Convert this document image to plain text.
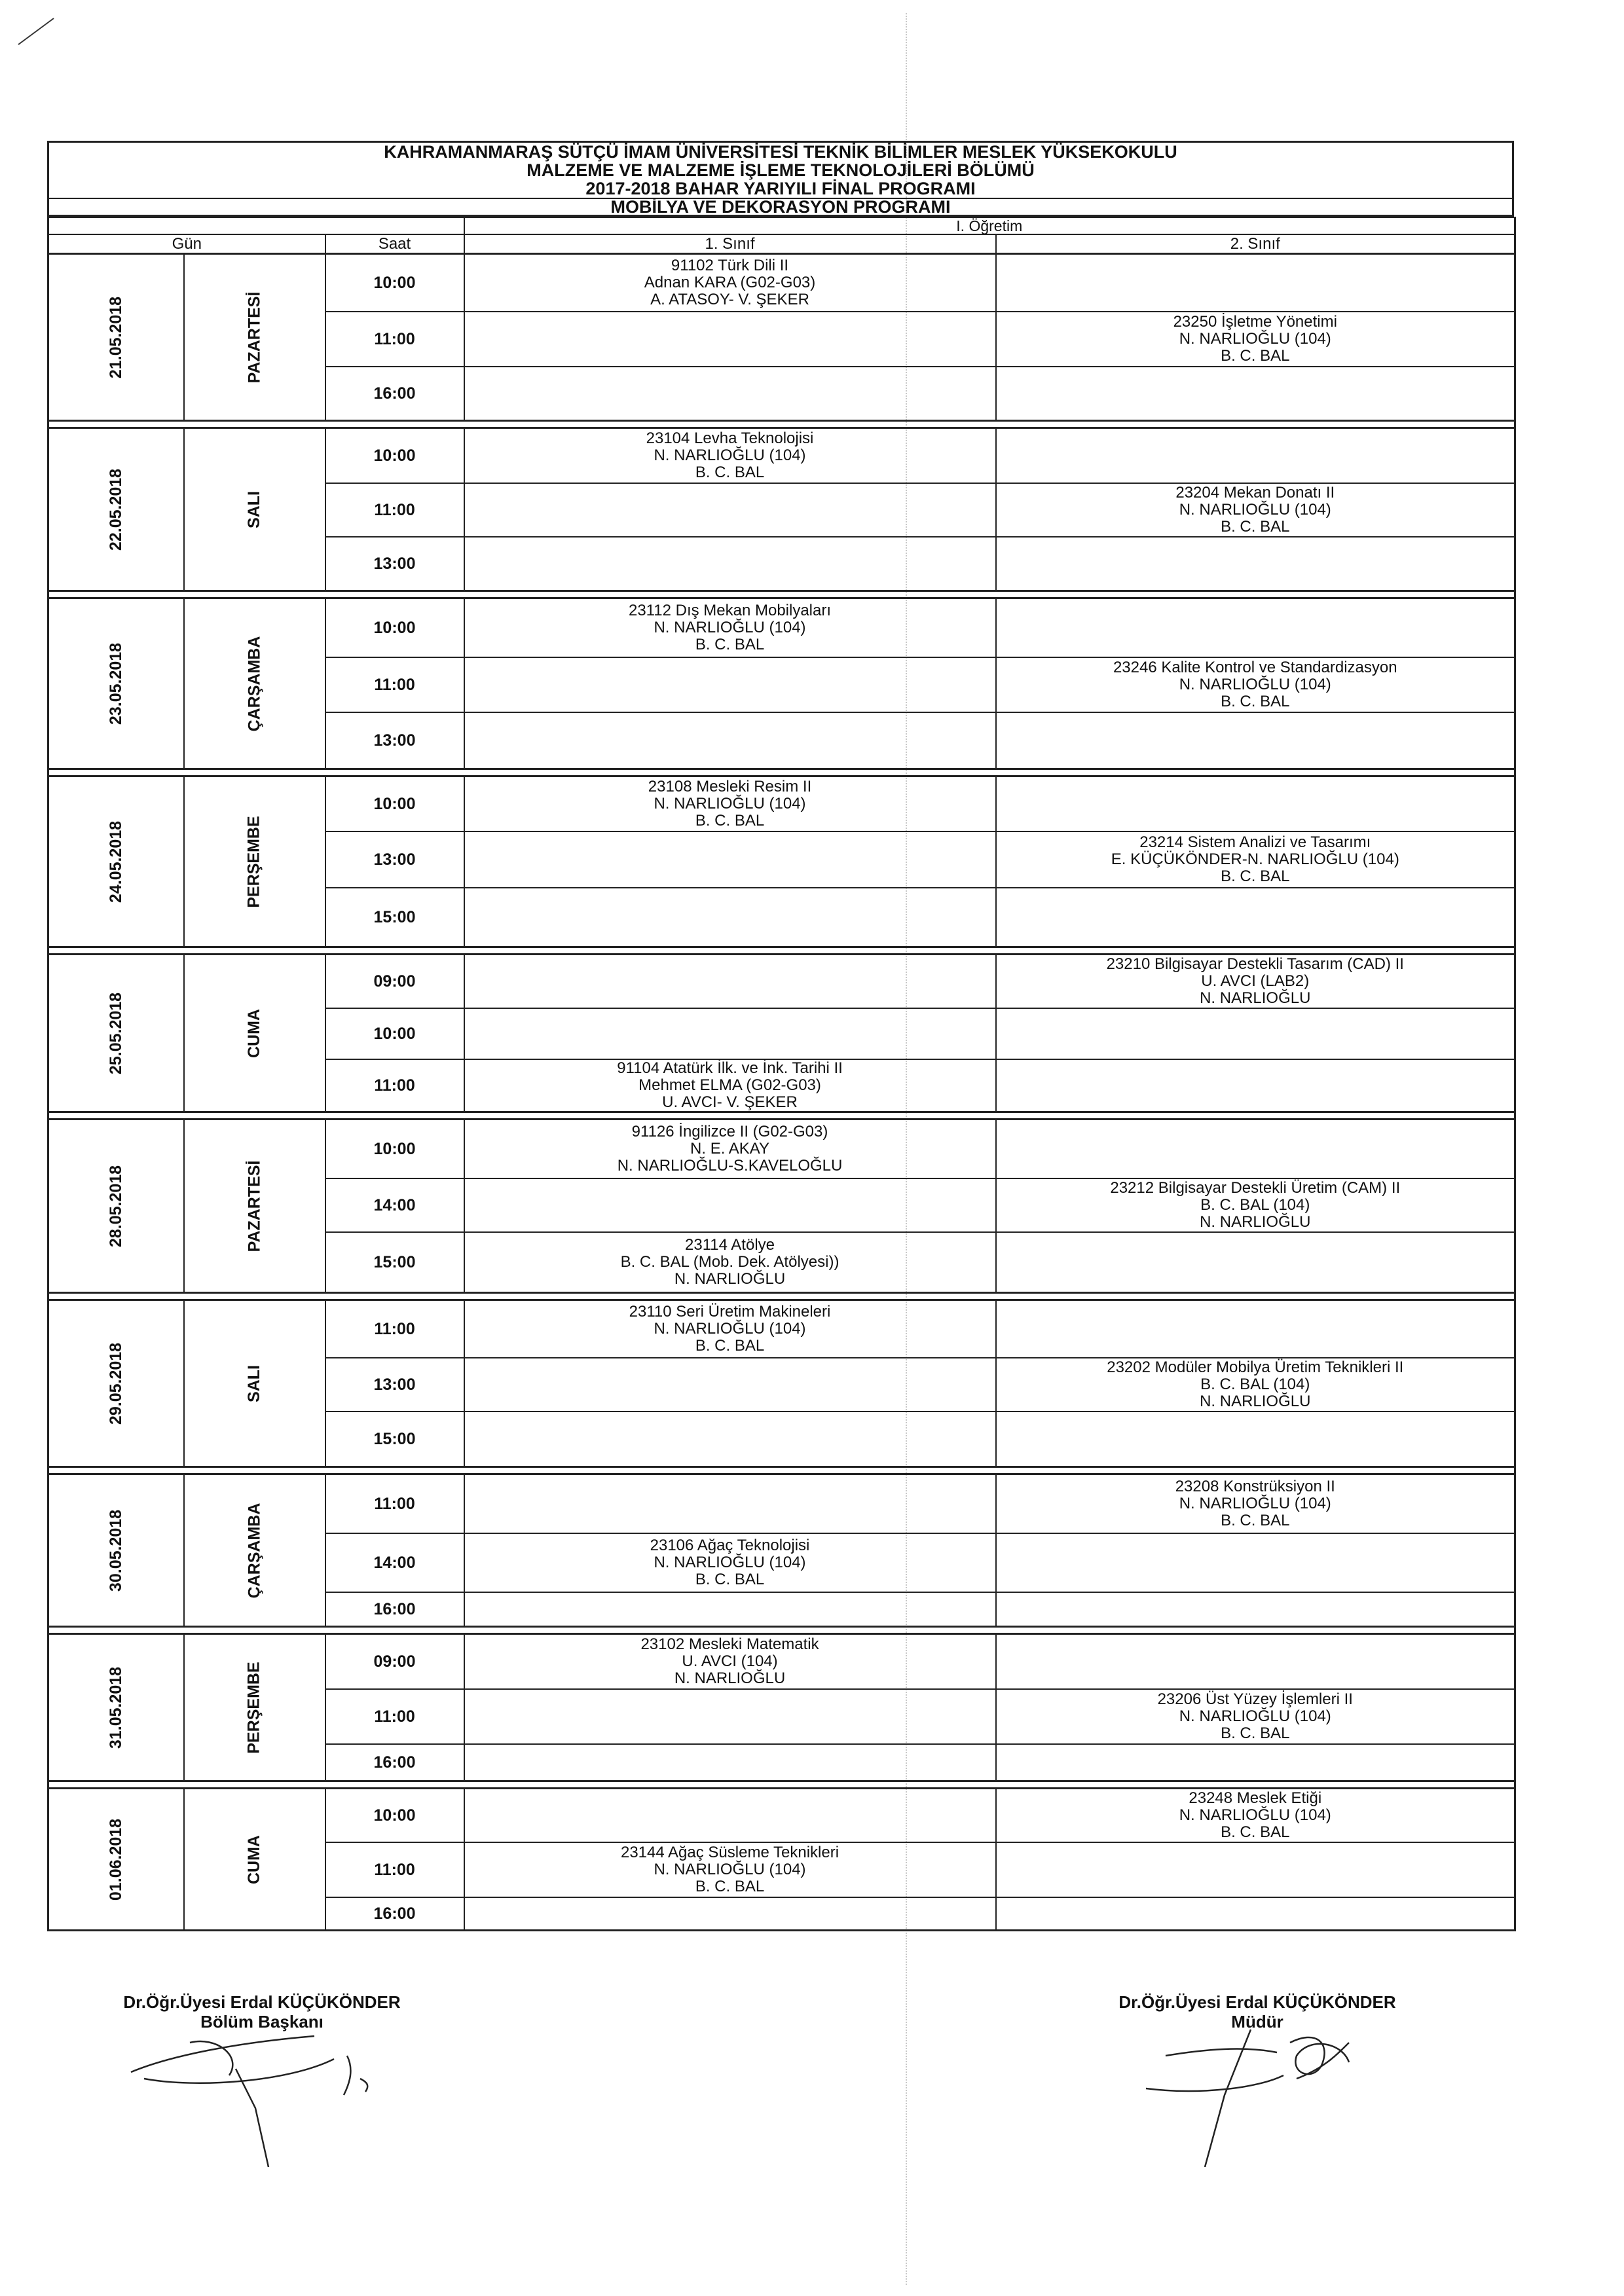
KAHRAMANMARAŞ SÜTÇÜ İMAM ÜNİVERSİTESİ TEKNİK BİLİMLER MESLEK YÜKSEKOKULU
MALZEME VE MALZEME İŞLEME TEKNOLOJİLERİ BÖLÜMÜ
2017-2018 BAHAR YARIYILI FİNAL PROGRAMI
MOBİLYA VE DEKORASYON PROGRAMI
			I. Öğretim	
Gün		Saat	1. Sınıf	2. Sınıf
21.05.2018	PAZARTESİ	10:00	91102 Türk Dili II
Adnan KARA (G02-G03)
A. ATASOY- V. ŞEKER	

		11:00		23250 İşletme Yönetimi
N. NARLIOĞLU (104)
B. C. BAL

		16:00		

22.05.2018	SALI	10:00	23104 Levha Teknolojisi
N. NARLIOĞLU (104)
B. C. BAL	

		11:00		23204 Mekan Donatı II
N. NARLIOĞLU (104)
B. C. BAL

		13:00		

23.05.2018	ÇARŞAMBA	10:00	23112 Dış Mekan Mobilyaları
N. NARLIOĞLU (104)
B. C. BAL	

		11:00		23246 Kalite Kontrol ve Standardizasyon
N. NARLIOĞLU (104)
B. C. BAL

		13:00		

24.05.2018	PERŞEMBE	10:00	23108 Mesleki Resim II
N. NARLIOĞLU (104)
B. C. BAL	

		13:00		23214 Sistem Analizi ve Tasarımı
E. KÜÇÜKÖNDER-N. NARLIOĞLU (104)
B. C. BAL

		15:00		

25.05.2018	CUMA	09:00		23210 Bilgisayar Destekli Tasarım (CAD) II
U. AVCI (LAB2)
N. NARLIOĞLU

		10:00		
		11:00	91104 Atatürk İlk. ve İnk. Tarihi II
Mehmet ELMA (G02-G03)
U. AVCI- V. ŞEKER	

28.05.2018	PAZARTESİ	10:00	91126 İngilizce II (G02-G03)
N. E. AKAY
N. NARLIOĞLU-S.KAVELOĞLU	

		14:00		23212 Bilgisayar Destekli Üretim (CAM) II
B. C. BAL (104)
N. NARLIOĞLU

		15:00	23114 Atölye
B. C. BAL (Mob. Dek. Atölyesi))
N. NARLIOĞLU	

29.05.2018	SALI	11:00	23110 Seri Üretim Makineleri
N. NARLIOĞLU (104)
B. C. BAL	

		13:00		23202 Modüler Mobilya Üretim Teknikleri II
B. C. BAL (104)
N. NARLIOĞLU

		15:00		

30.05.2018	ÇARŞAMBA	11:00		23208 Konstrüksiyon II
N. NARLIOĞLU (104)
B. C. BAL

		14:00	23106 Ağaç Teknolojisi
N. NARLIOĞLU (104)
B. C. BAL	

		16:00		

31.05.2018	PERŞEMBE	09:00	23102 Mesleki Matematik
U. AVCI (104)
N. NARLIOĞLU	

		11:00		23206 Üst Yüzey İşlemleri II
N. NARLIOĞLU (104)
B. C. BAL

		16:00		

01.06.2018	CUMA	10:00		23248 Meslek Etiği
N. NARLIOĞLU (104)
B. C. BAL

		11:00	23144 Ağaç Süsleme Teknikleri
N. NARLIOĞLU (104)
B. C. BAL	

		16:00		

Dr.Öğr.Üyesi Erdal KÜÇÜKÖNDER
Bölüm Başkanı
Dr.Öğr.Üyesi Erdal KÜÇÜKÖNDER
Müdür
